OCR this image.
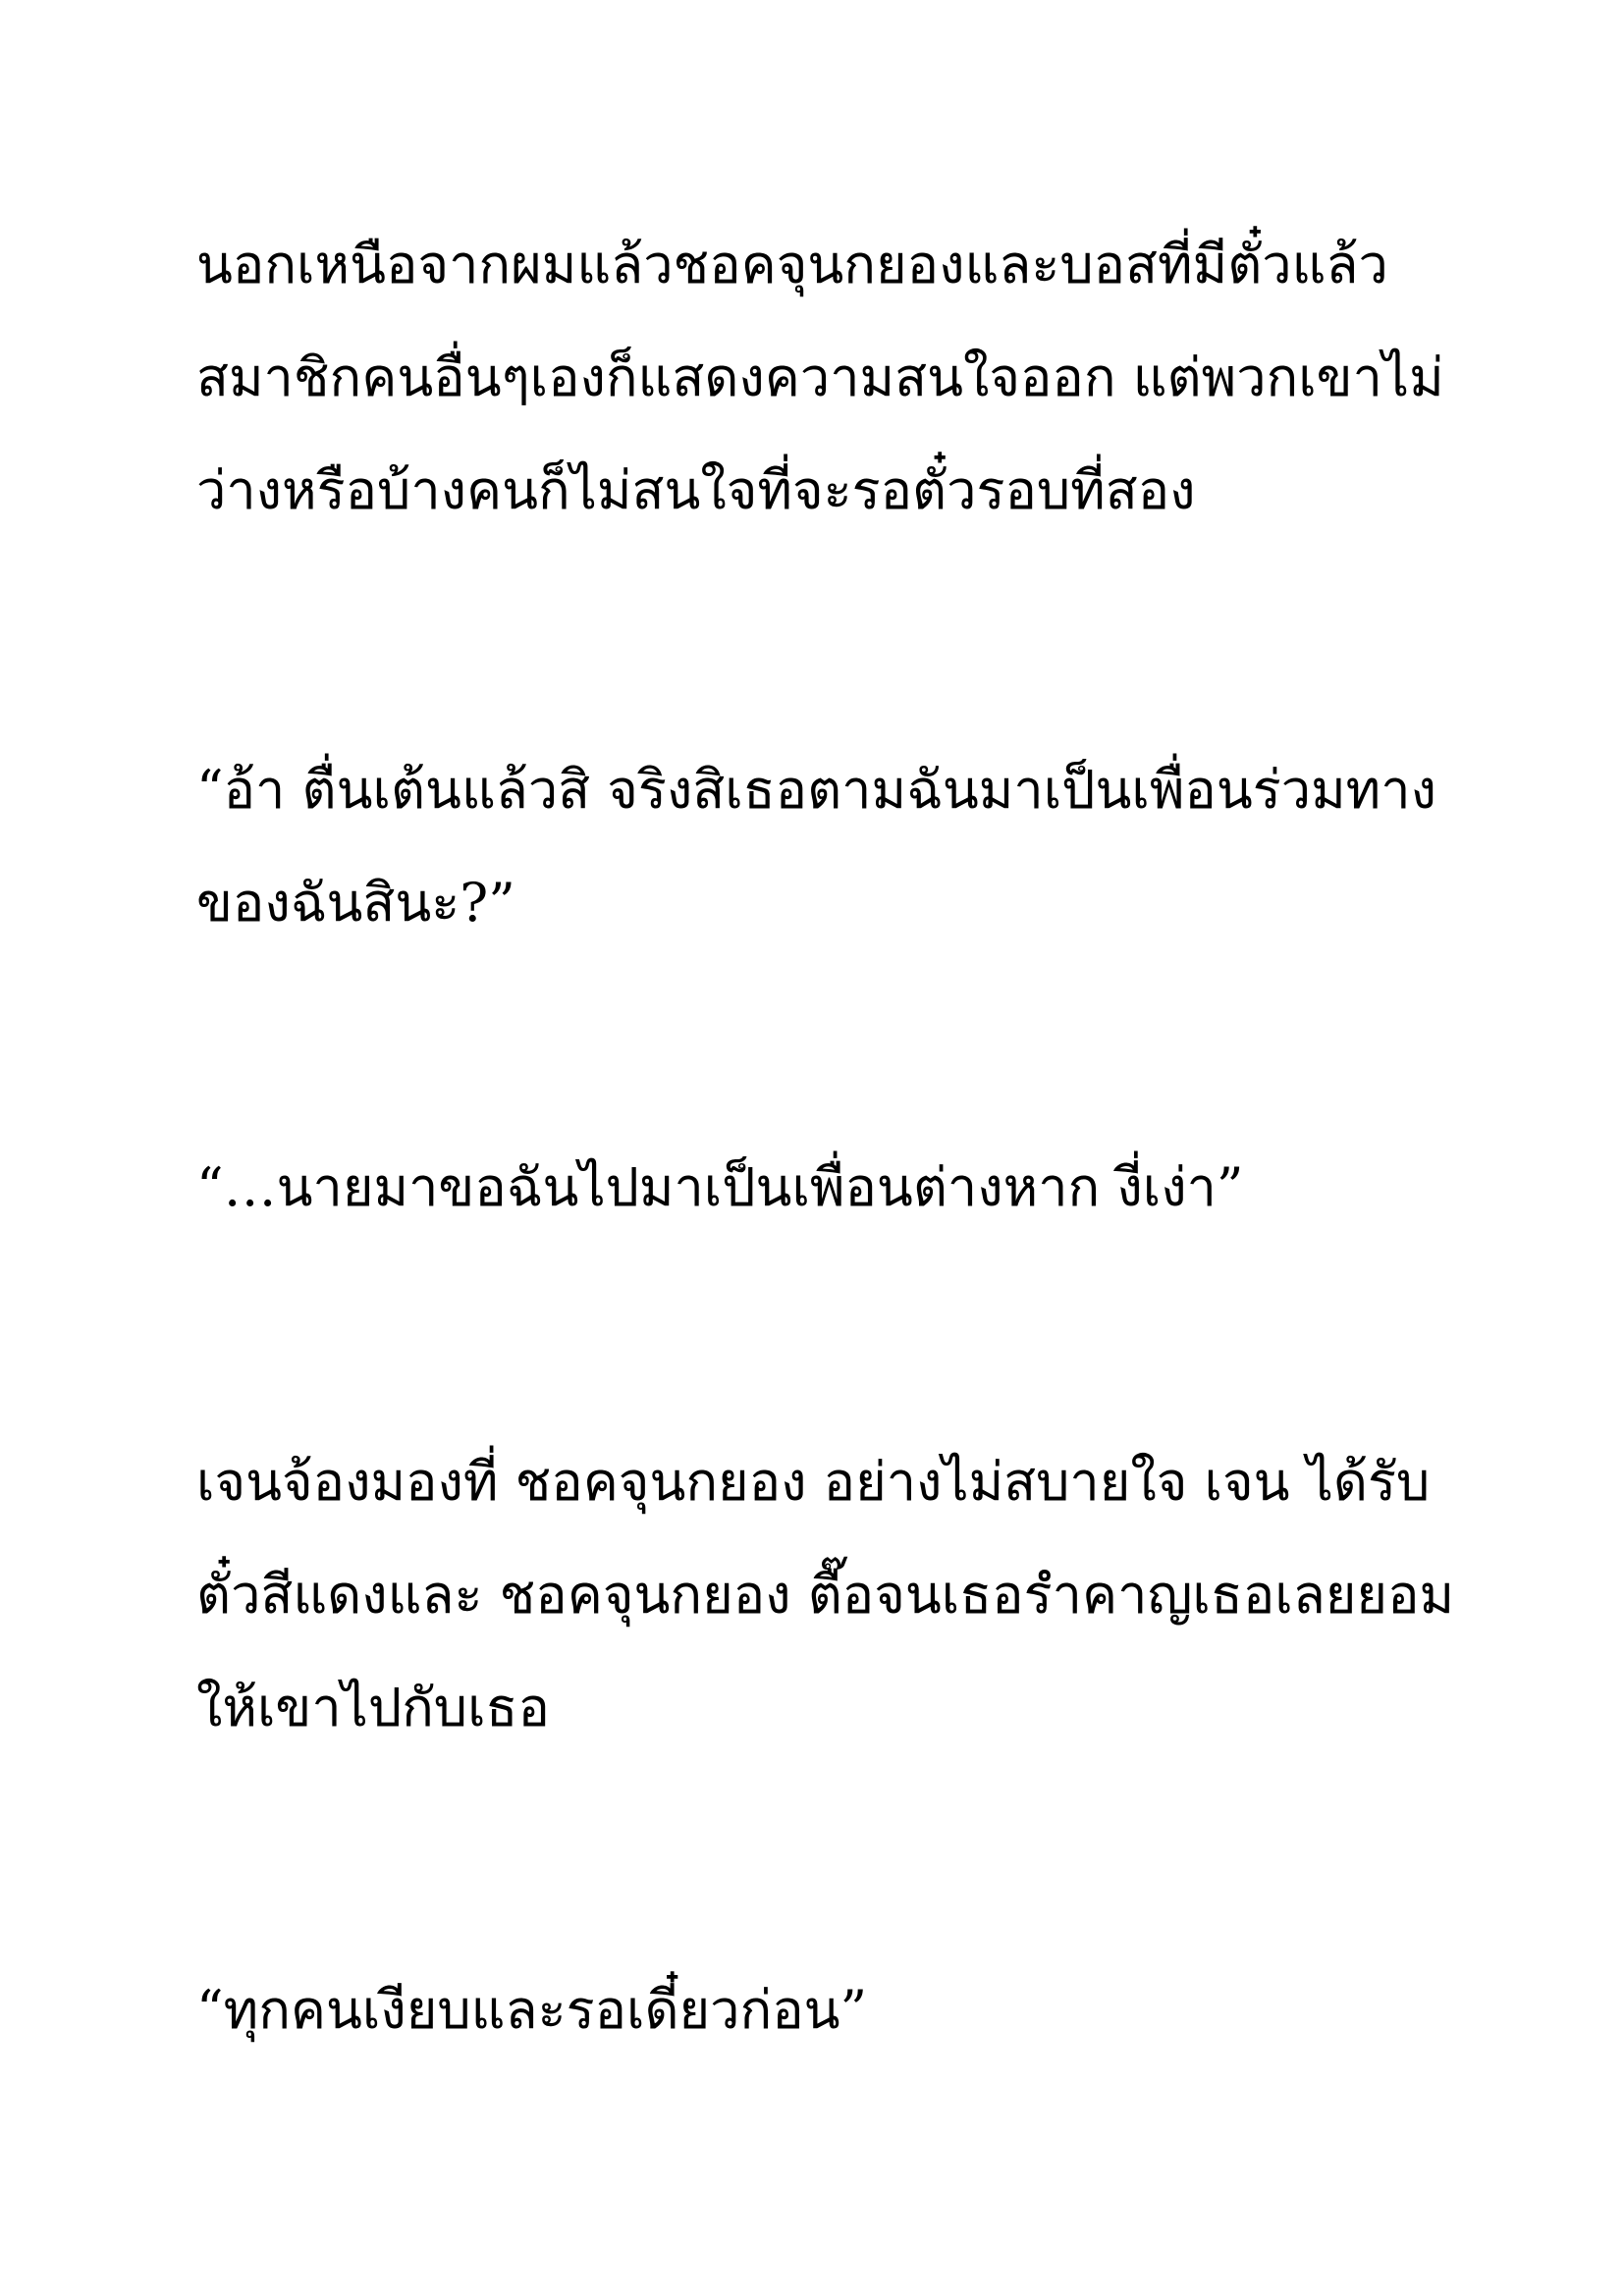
นอกเหนือจากผมแล้วชอคจุนกยองและบอสที่มีตั๋วแล้ว
สมาชิกคนอื่นๆเองก็แสดงความสนใจออก แต่พวกเขาไม่
ว่างหรือบ้างคนก็ไม่สนใจที่จะรอตั๋วรอบที่สอง
“อ้า ตื่นเต้นแล้วสิ จริงสิเธอตามฉันมาเป็นเพื่อนร่วมทาง
ของฉันสินะ?”
“…นายมาขอฉันไปมาเป็นเพื่อนต่างหาก งี่เง่า”
เจนจ้องมองที่ ชอคจุนกยอง อย่างไม่สบายใจ เจน ได้รับ
ตั๋วสีแดงและ ชอคจุนกยอง ตื๊อจนเธอรำคาญเธอเลยยอม
ให้เขาไปกับเธอ
“ทุกคนเงียบและรอเดี๋ยวก่อน”
